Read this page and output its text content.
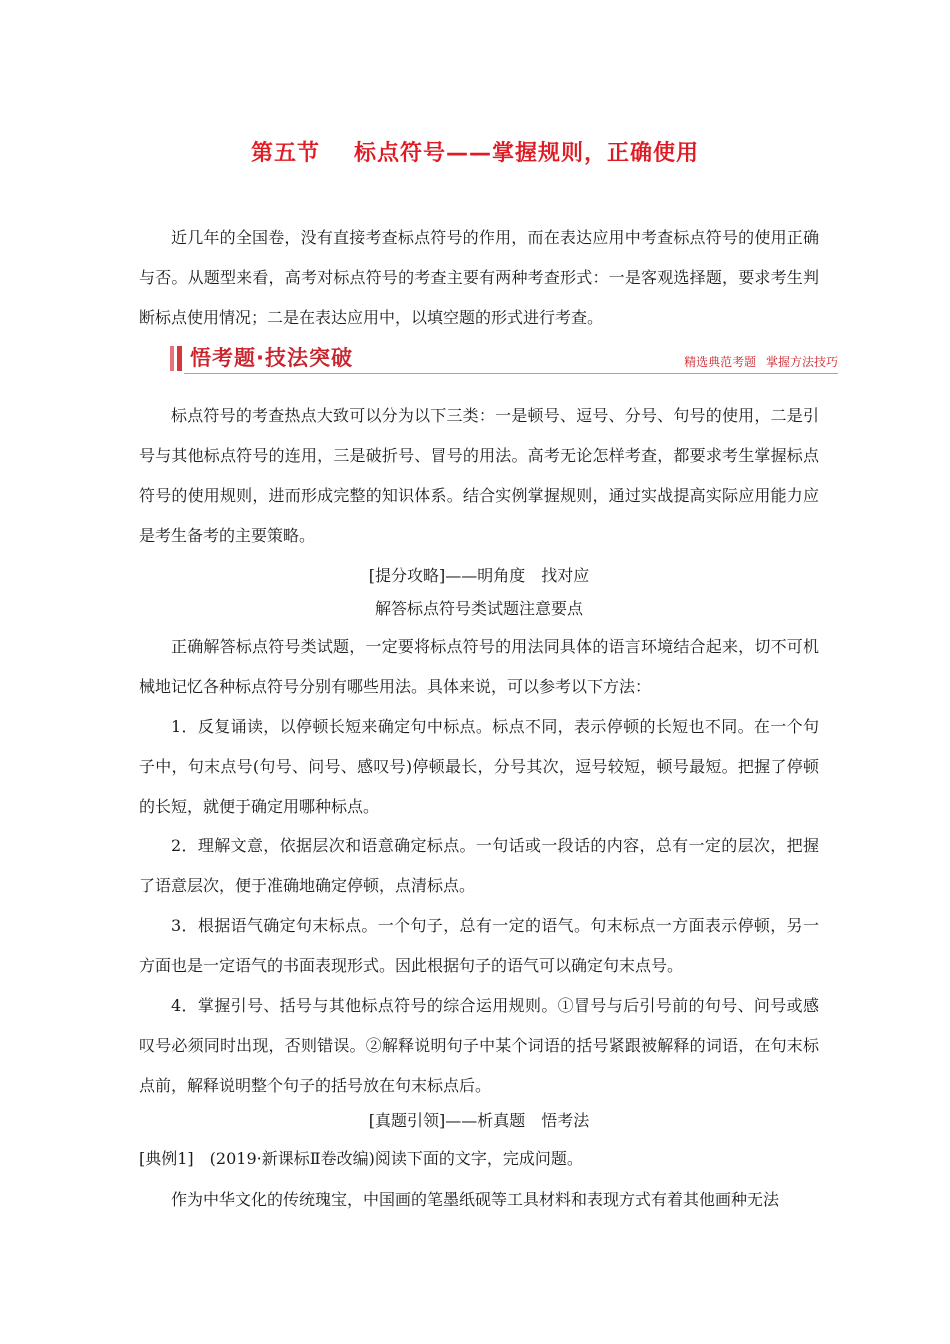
第五节 标点符号——掌握规则，正确使用

近几年的全国卷，没有直接考查标点符号的作用，而在表达应用中考查标点符号的使用正确与否。从题型来看，高考对标点符号的考查主要有两种考查形式：一是客观选择题，要求考生判断标点使用情况；二是在表达应用中，以填空题的形式进行考查。

悟考题·技法突破	精选典范考题 掌握方法技巧

标点符号的考查热点大致可以分为以下三类：一是顿号、逗号、分号、句号的使用，二是引号与其他标点符号的连用，三是破折号、冒号的用法。高考无论怎样考查，都要求考生掌握标点符号的使用规则，进而形成完整的知识体系。结合实例掌握规则，通过实战提高实际应用能力应是考生备考的主要策略。

[提分攻略]——明角度　找对应

解答标点符号类试题注意要点

正确解答标点符号类试题，一定要将标点符号的用法同具体的语言环境结合起来，切不可机械地记忆各种标点符号分别有哪些用法。具体来说，可以参考以下方法：

1．反复诵读，以停顿长短来确定句中标点。标点不同，表示停顿的长短也不同。在一个句子中，句末点号(句号、问号、感叹号)停顿最长，分号其次，逗号较短，顿号最短。把握了停顿的长短，就便于确定用哪种标点。

2．理解文意，依据层次和语意确定标点。一句话或一段话的内容，总有一定的层次，把握了语意层次，便于准确地确定停顿，点清标点。

3．根据语气确定句末标点。一个句子，总有一定的语气。句末标点一方面表示停顿，另一方面也是一定语气的书面表现形式。因此根据句子的语气可以确定句末点号。

4．掌握引号、括号与其他标点符号的综合运用规则。①冒号与后引号前的句号、问号或感叹号必须同时出现，否则错误。②解释说明句子中某个词语的括号紧跟被解释的词语，在句末标点前，解释说明整个句子的括号放在句末标点后。

[真题引领]——析真题　悟考法

[典例1]　(2019·新课标Ⅱ卷改编)阅读下面的文字，完成问题。

作为中华文化的传统瑰宝，中国画的笔墨纸砚等工具材料和表现方式有着其他画种无法
